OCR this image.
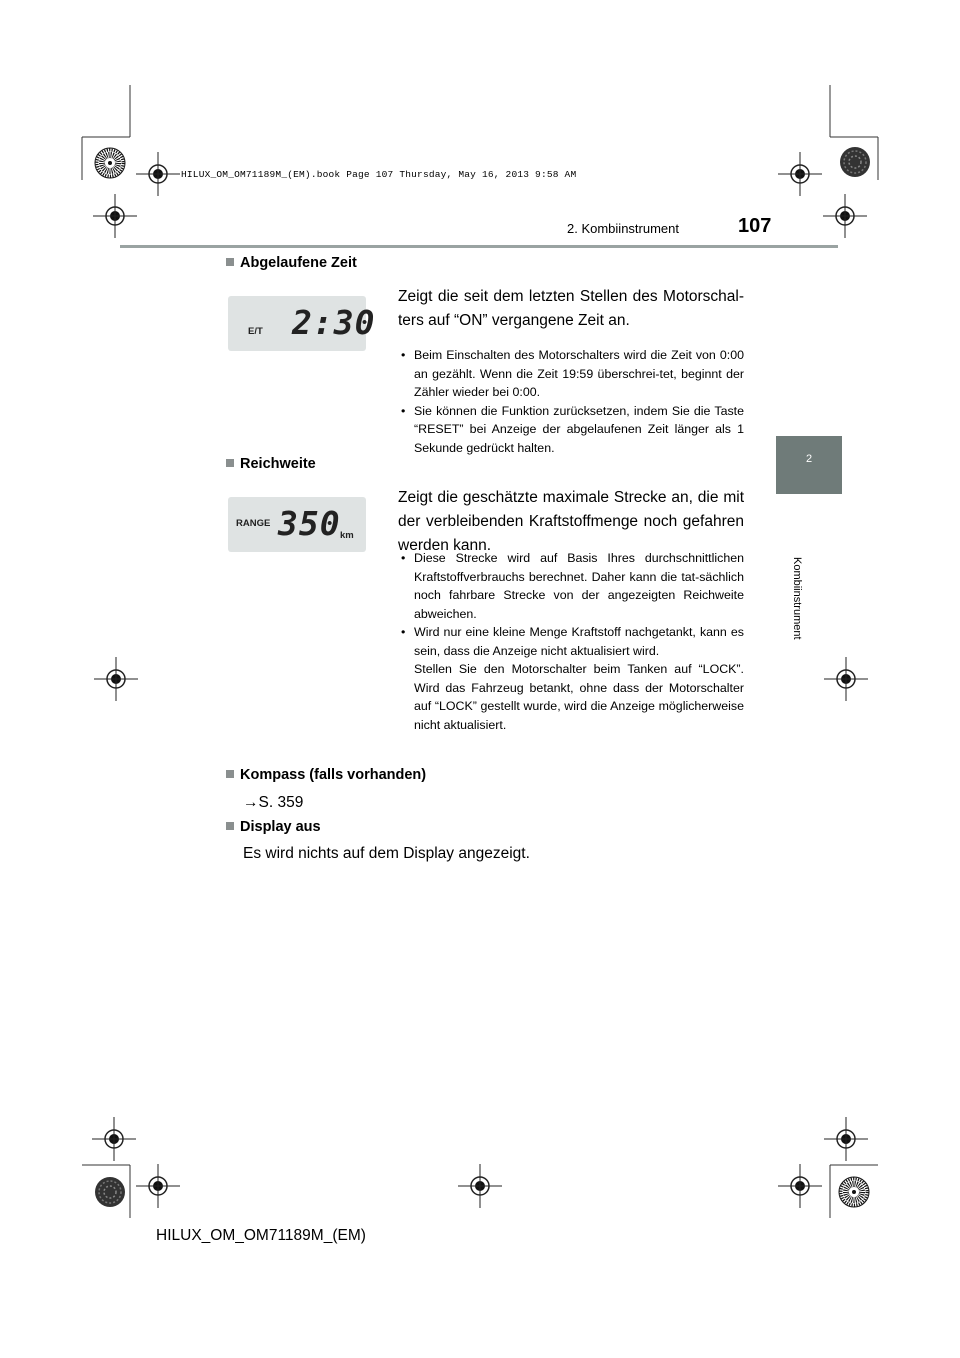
HILUX_OM_OM71189M_(EM).book Page 107 Thursday, May 16, 2013 9:58 AM
2. Kombiinstrument	107
2
Kombiinstrument
Abgelaufene Zeit
E/T 2:30
Zeigt die seit dem letzten Stellen des Motorschal-ters auf “ON” vergangene Zeit an.
• Beim Einschalten des Motorschalters wird die Zeit von 0:00 an gezählt. Wenn die Zeit 19:59 überschrei-tet, beginnt der Zähler wieder bei 0:00.
• Sie können die Funktion zurücksetzen, indem Sie die Taste “RESET” bei Anzeige der abgelaufenen Zeit länger als 1 Sekunde gedrückt halten.
Reichweite
RANGE 350 km
Zeigt die geschätzte maximale Strecke an, die mit der verbleibenden Kraftstoffmenge noch gefahren werden kann.
• Diese Strecke wird auf Basis Ihres durchschnittlichen Kraftstoffverbrauchs berechnet. Daher kann die tat-sächlich noch fahrbare Strecke von der angezeigten Reichweite abweichen.
• Wird nur eine kleine Menge Kraftstoff nachgetankt, kann es sein, dass die Anzeige nicht aktualisiert wird.
Stellen Sie den Motorschalter beim Tanken auf “LOCK”. Wird das Fahrzeug betankt, ohne dass der Motorschalter auf “LOCK” gestellt wurde, wird die Anzeige möglicherweise nicht aktualisiert.
Kompass (falls vorhanden)
→S. 359
Display aus
Es wird nichts auf dem Display angezeigt.
HILUX_OM_OM71189M_(EM)
